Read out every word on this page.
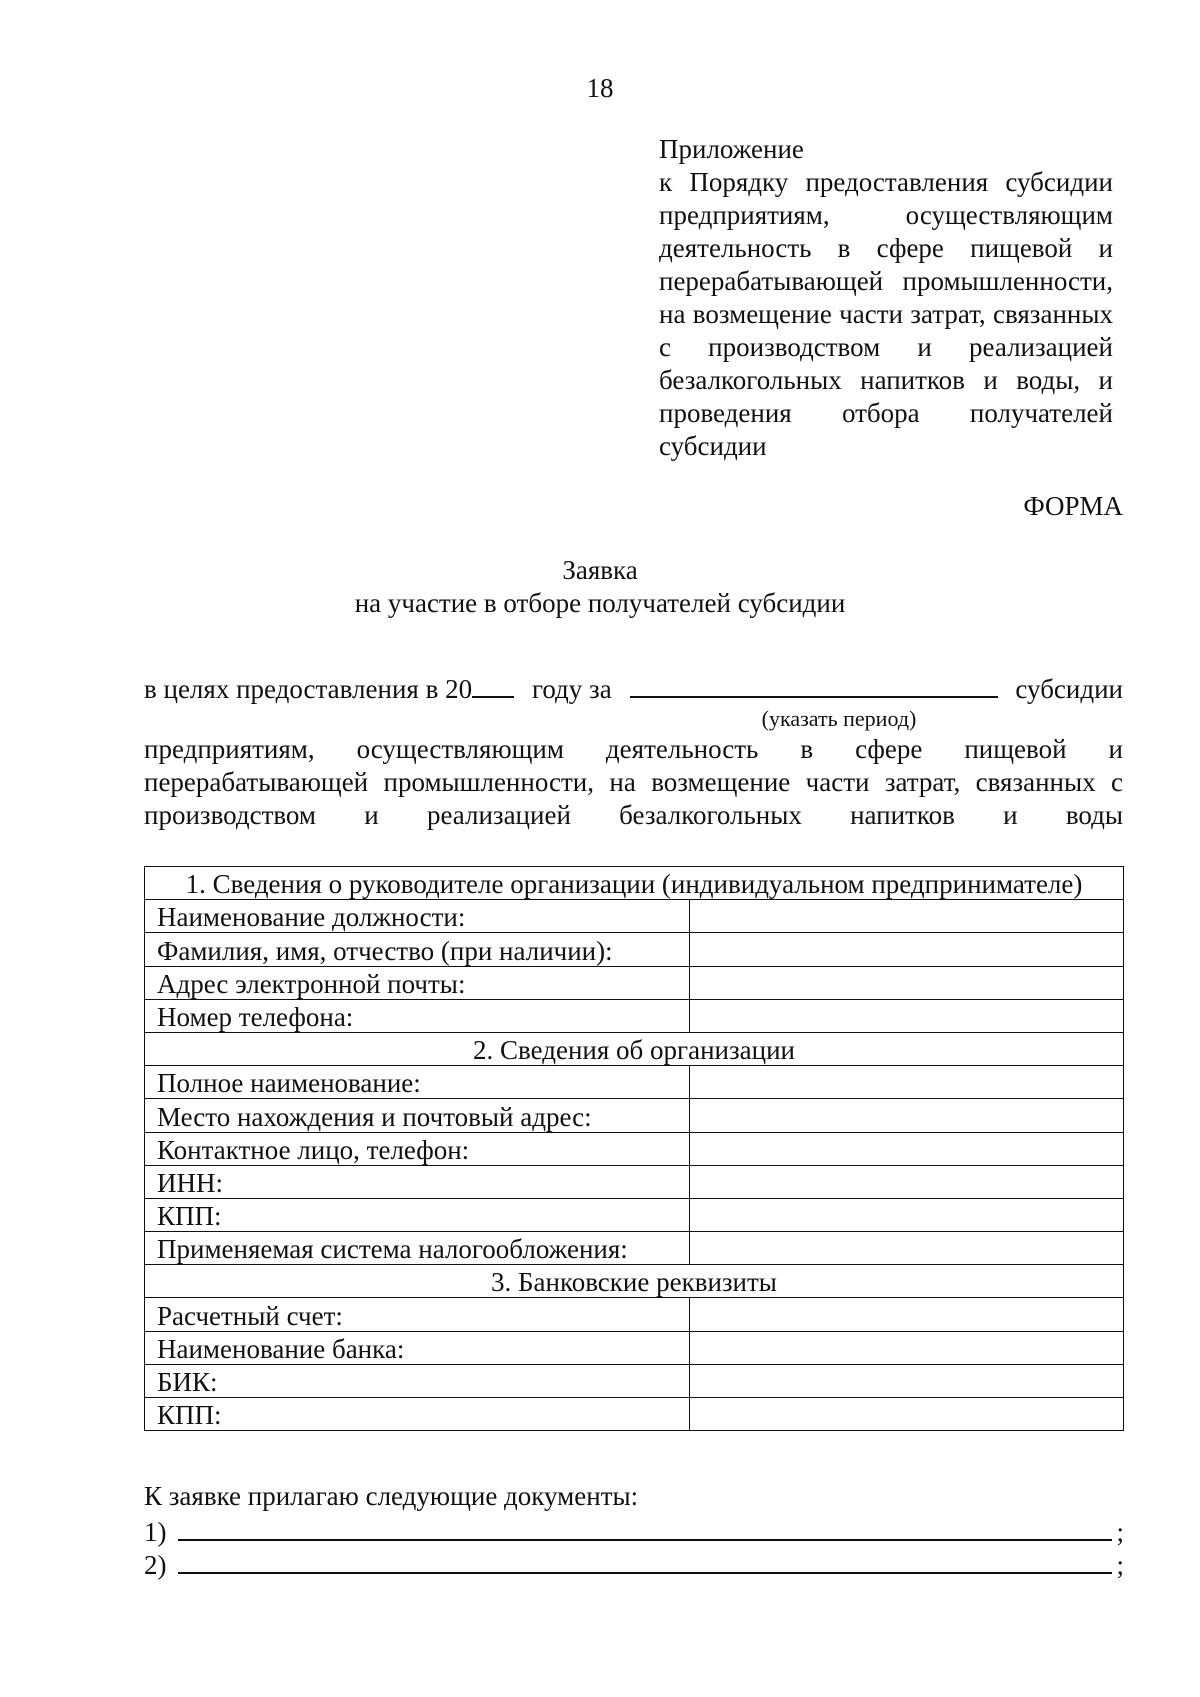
18
Приложение
к Порядку предоставления субсидии предприятиям, осуществляющим деятельность в сфере пищевой и перерабатывающей промышленности, на возмещение части затрат, связанных с производством и реализацией безалкогольных напитков и воды, и проведения отбора получателей субсидии
ФОРМА
Заявка
на участие в отборе получателей субсидии
в целях предоставления в 20	году за	субсидии
(указать период)
предприятиям, осуществляющим деятельность в сфере пищевой и перерабатывающей промышленности, на возмещение части затрат, связанных с производством и реализацией безалкогольных напитков и воды
1. Сведения о руководителе организации (индивидуальном предпринимателе)	
Наименование должности:	
Фамилия, имя, отчество (при наличии):	
Адрес электронной почты:	
Номер телефона:	
2. Сведения об организации	
Полное наименование:	
Место нахождения и почтовый адрес:	
Контактное лицо, телефон:	
ИНН:	
КПП:	
Применяемая система налогообложения:	
3. Банковские реквизиты	
Расчетный счет:	
Наименование банка:	
БИК:	
КПП:	
К заявке прилагаю следующие документы:
1)	;
2)	;
